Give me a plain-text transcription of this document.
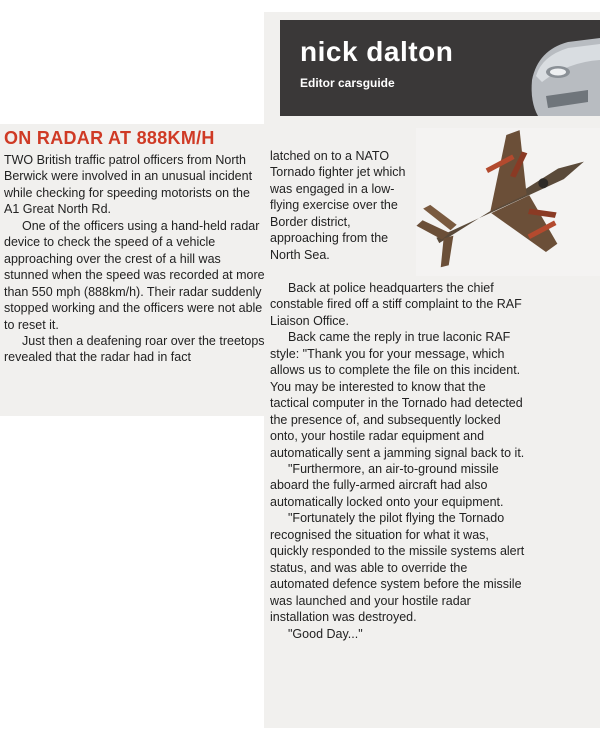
nick dalton
Editor carsguide
ON RADAR AT 888KM/H

TWO British traffic patrol officers from North Berwick were involved in an unusual incident while checking for speeding motorists on the A1 Great North Rd.

One of the officers using a hand-held radar device to check the speed of a vehicle approaching over the crest of a hill was stunned when the speed was recorded at more than 550 mph (888km/h). Their radar suddenly stopped working and the officers were not able to reset it.

Just then a deafening roar over the treetops revealed that the radar had in fact

latched on to a NATO Tornado fighter jet which was engaged in a low-flying exercise over the Border district, approaching from the North Sea.

Back at police headquarters the chief constable fired off a stiff complaint to the RAF Liaison Office.

Back came the reply in true laconic RAF style: "Thank you for your message, which allows us to complete the file on this incident. You may be interested to know that the tactical computer in the Tornado had detected the presence of, and subsequently locked onto, your hostile radar equipment and automatically sent a jamming signal back to it.

"Furthermore, an air-to-ground missile aboard the fully-armed aircraft had also automatically locked onto your equipment.

"Fortunately the pilot flying the Tornado recognised the situation for what it was, quickly responded to the missile systems alert status, and was able to override the automated defence system before the missile was launched and your hostile radar installation was destroyed.

"Good Day..."
